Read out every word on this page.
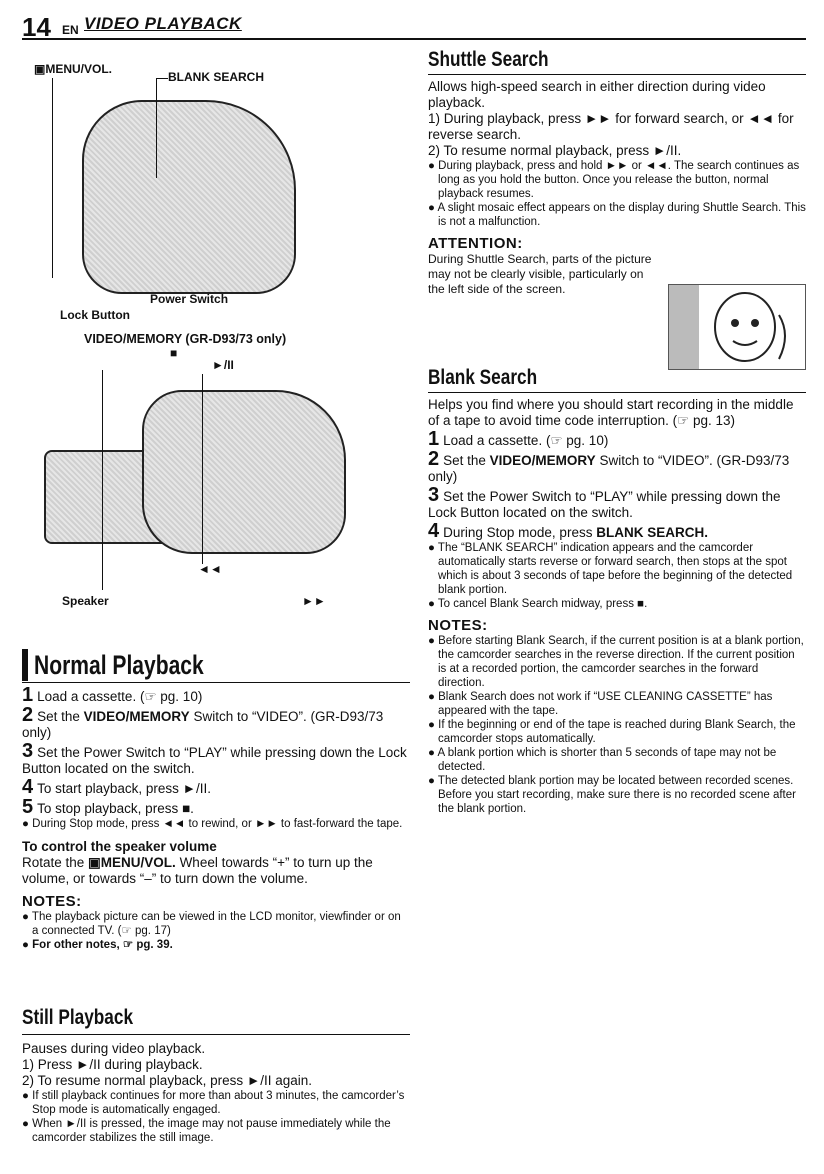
14 EN VIDEO PLAYBACK
▣MENU/VOL.
BLANK SEARCH
Power Switch
Lock Button
VIDEO/MEMORY (GR-D93/73 only)
■
►/II
◄◄
Speaker	►►
Normal Playback

1 Load a cassette. (☞ pg. 10)

2 Set the VIDEO/MEMORY Switch to “VIDEO”. (GR-D93/73 only)

3 Set the Power Switch to “PLAY” while pressing down the Lock Button located on the switch.

4 To start playback, press ►/II.

5 To stop playback, press ■.

● During Stop mode, press ◄◄ to rewind, or ►► to fast-forward the tape.

To control the speaker volume

Rotate the ▣MENU/VOL. Wheel towards “+” to turn up the volume, or towards “–” to turn down the volume.

NOTES:

● The playback picture can be viewed in the LCD monitor, viewfinder or on a connected TV. (☞ pg. 17)

● For other notes, ☞ pg. 39.

Still Playback

Pauses during video playback.

1) Press ►/II during playback.

2) To resume normal playback, press ►/II again.

● If still playback continues for more than about 3 minutes, the camcorder’s Stop mode is automatically engaged.

● When ►/II is pressed, the image may not pause immediately while the camcorder stabilizes the still image.

Shuttle Search

Allows high-speed search in either direction during video playback.

1) During playback, press ►► for forward search, or ◄◄ for reverse search.

2) To resume normal playback, press ►/II.

● During playback, press and hold ►► or ◄◄. The search continues as long as you hold the button. Once you release the button, normal playback resumes.

● A slight mosaic effect appears on the display during Shuttle Search. This is not a malfunction.

ATTENTION:

During Shuttle Search, parts of the picture may not be clearly visible, particularly on the left side of the screen.

Blank Search

Helps you find where you should start recording in the middle of a tape to avoid time code interruption. (☞ pg. 13)

1 Load a cassette. (☞ pg. 10)

2 Set the VIDEO/MEMORY Switch to “VIDEO”. (GR-D93/73 only)

3 Set the Power Switch to “PLAY” while pressing down the Lock Button located on the switch.

4 During Stop mode, press BLANK SEARCH.

● The “BLANK SEARCH” indication appears and the camcorder automatically starts reverse or forward search, then stops at the spot which is about 3 seconds of tape before the beginning of the detected blank portion.

● To cancel Blank Search midway, press ■.

NOTES:

● Before starting Blank Search, if the current position is at a blank portion, the camcorder searches in the reverse direction. If the current position is at a recorded portion, the camcorder searches in the forward direction.

● Blank Search does not work if “USE CLEANING CASSETTE” has appeared with the tape.

● If the beginning or end of the tape is reached during Blank Search, the camcorder stops automatically.

● A blank portion which is shorter than 5 seconds of tape may not be detected.

● The detected blank portion may be located between recorded scenes. Before you start recording, make sure there is no recorded scene after the blank portion.
